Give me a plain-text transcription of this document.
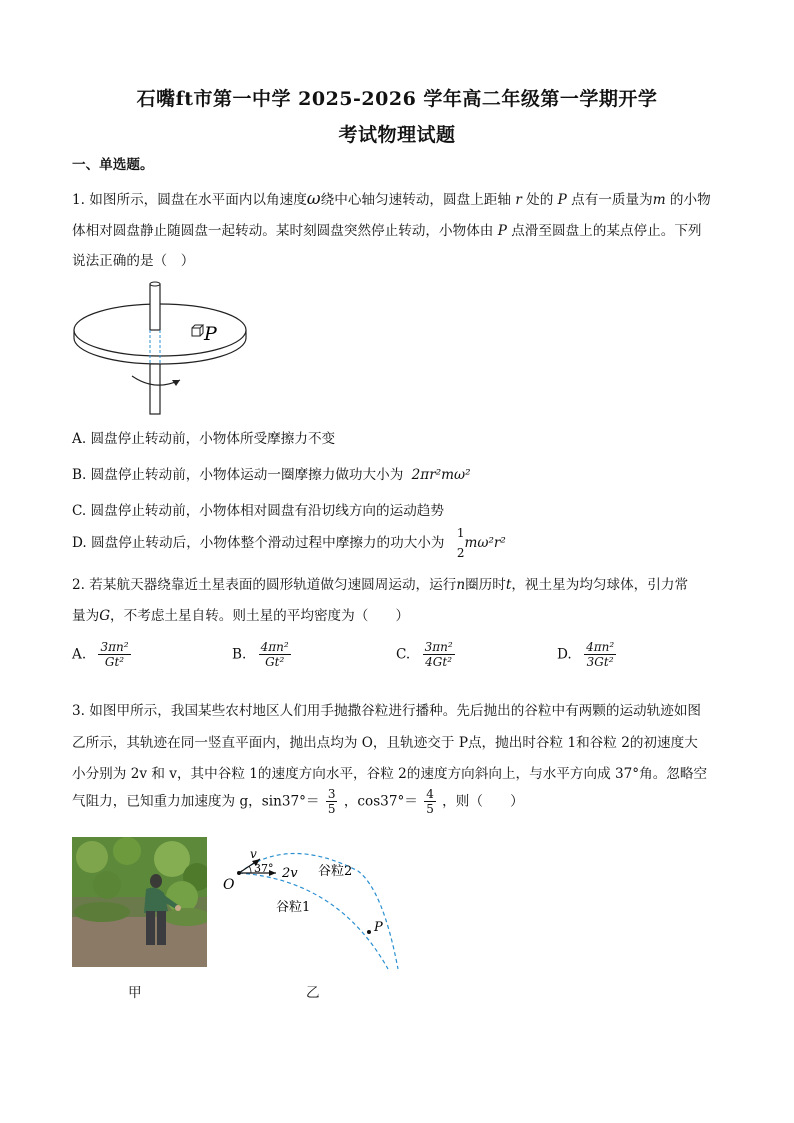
石嘴ft市第一中学 2025-2026 学年高二年级第一学期开学
考试物理试题
一、单选题。
1. 如图所示，圆盘在水平面内以角速度ω绕中心轴匀速转动，圆盘上距轴 r 处的 P 点有一质量为m 的小物
体相对圆盘静止随圆盘一起转动。某时刻圆盘突然停止转动，小物体由 P 点滑至圆盘上的某点停止。下列
说法正确的是（　）
P
A. 圆盘停止转动前，小物体所受摩擦力不变
B. 圆盘停止转动前，小物体运动一圈摩擦力做功大小为 2πr²mω²
C. 圆盘停止转动前，小物体相对圆盘有沿切线方向的运动趋势
D. 圆盘停止转动后，小物体整个滑动过程中摩擦力的功大小为
1
2
mω²r²
2. 若某航天器绕靠近土星表面的圆形轨道做匀速圆周运动，运行n圈历时t，视土星为均匀球体，引力常
量为G，不考虑土星自转。则土星的平均密度为（　　）
A. $\frac{\text{3πn²}}{\text{Gt²}}$	B. $\frac{\text{4πn²}}{\text{Gt²}}$	C. $\frac{\text{3πn²}}{\text{4Gt²}}$	D. $\frac{\text{4πn²}}{\text{3Gt²}}$
3. 如图甲所示，我国某些农村地区人们用手抛撒谷粒进行播种。先后抛出的谷粒中有两颗的运动轨迹如图
乙所示，其轨迹在同一竖直平面内，抛出点均为 O，且轨迹交于 P点，抛出时谷粒 1和谷粒 2的初速度大
小分别为 2v 和 v，其中谷粒 1的速度方向水平，谷粒 2的速度方向斜向上，与水平方向成 37°角。忽略空
气阻力，已知重力加速度为 g，$\sin 37^\circ= \frac{3}{5}$ ，$\cos 37^\circ= \frac{4}{5}$ ，则（　　）
甲
O
v
37° 2v 谷粒2
谷粒1
P
乙
